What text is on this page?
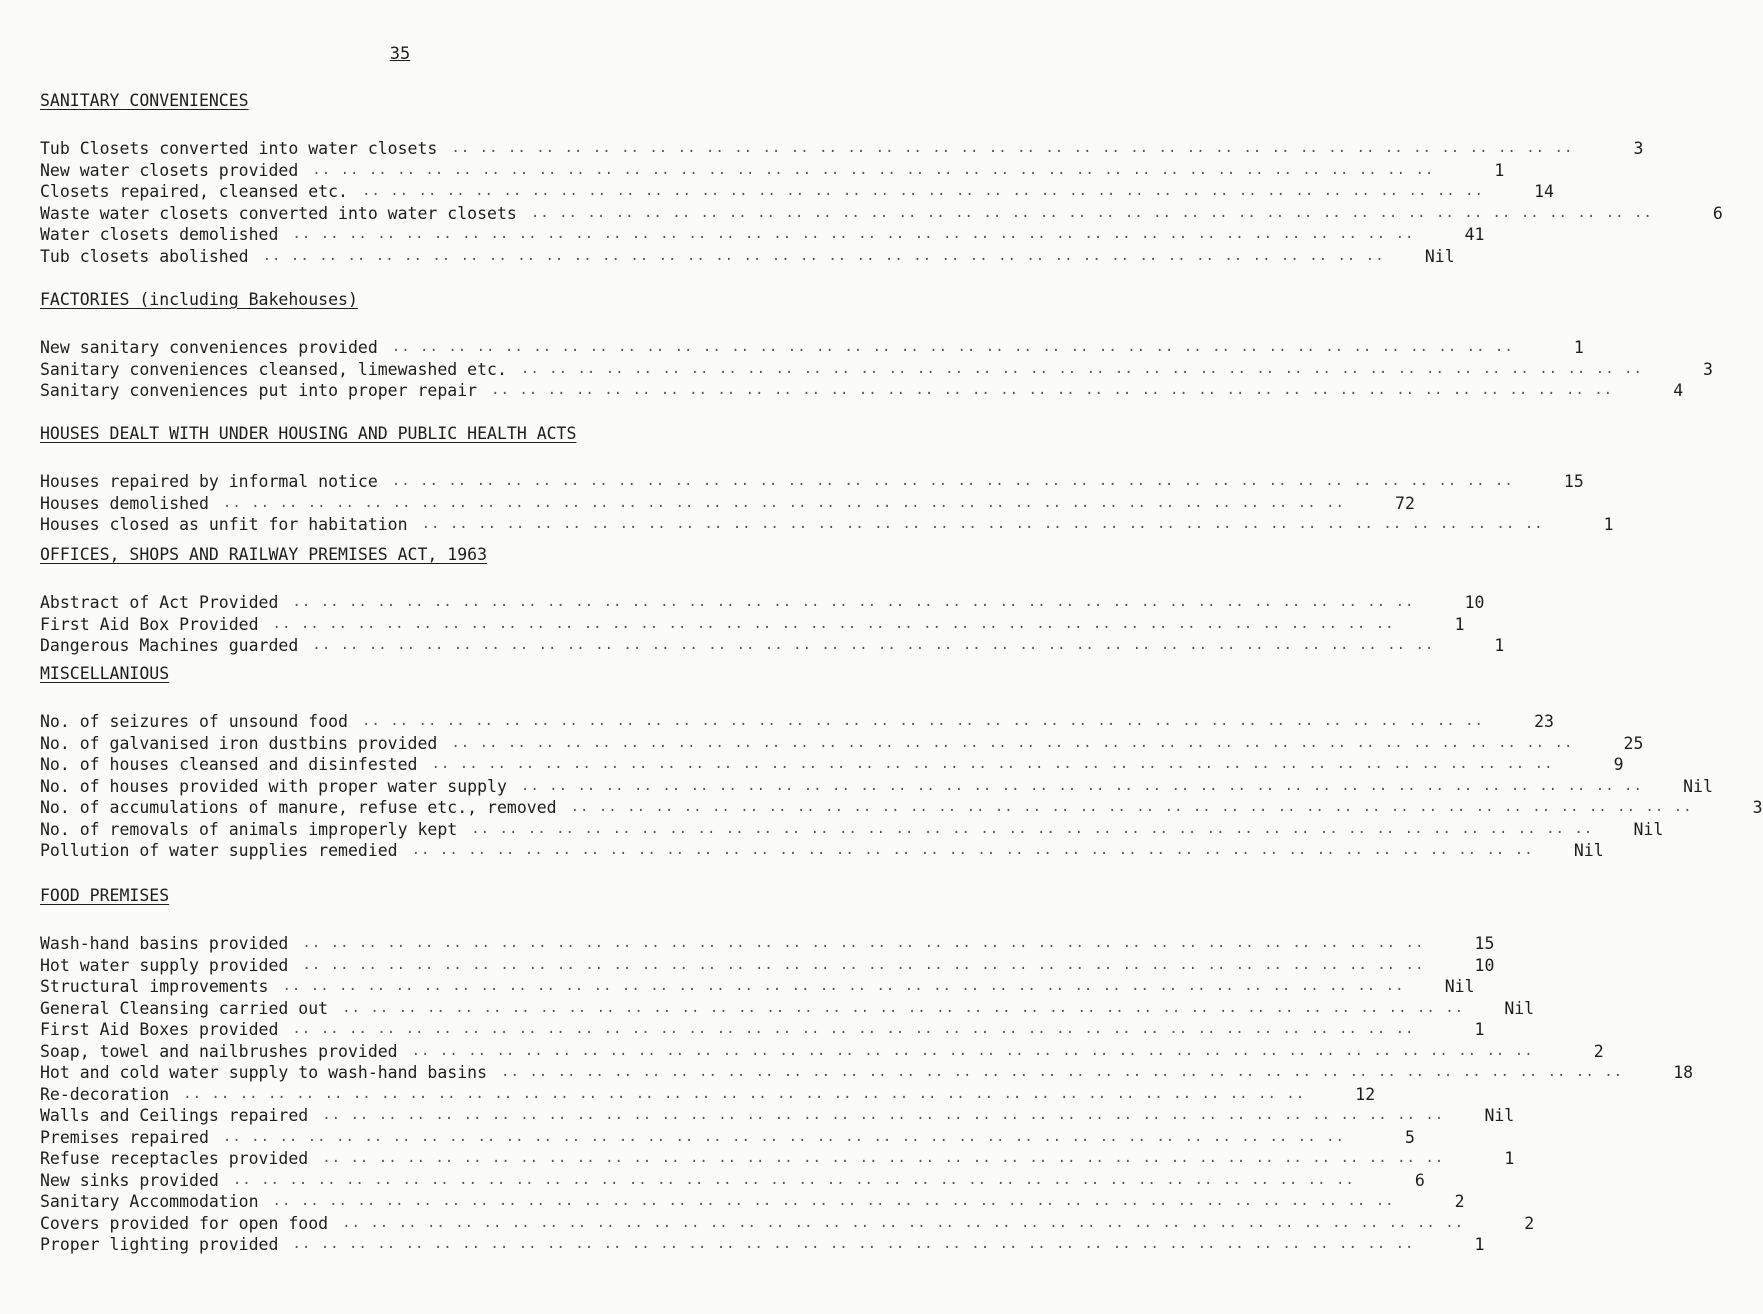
35
SANITARY CONVENIENCES
Tub Closets converted into water closets	.. .. .. .. .. .. .. .. .. .. .. .. .. .. .. .. .. .. .. .. .. .. .. .. .. .. .. .. .. .. .. .. .. .. .. .. .. .. .. ..	3
New water closets provided	.. .. .. .. .. .. .. .. .. .. .. .. .. .. .. .. .. .. .. .. .. .. .. .. .. .. .. .. .. .. .. .. .. .. .. .. .. .. .. ..	1
Closets repaired, cleansed etc.	.. .. .. .. .. .. .. .. .. .. .. .. .. .. .. .. .. .. .. .. .. .. .. .. .. .. .. .. .. .. .. .. .. .. .. .. .. .. .. ..	14
Waste water closets converted into water closets	.. .. .. .. .. .. .. .. .. .. .. .. .. .. .. .. .. .. .. .. .. .. .. .. .. .. .. .. .. .. .. .. .. .. .. .. .. .. .. ..	6
Water closets demolished	.. .. .. .. .. .. .. .. .. .. .. .. .. .. .. .. .. .. .. .. .. .. .. .. .. .. .. .. .. .. .. .. .. .. .. .. .. .. .. ..	41
Tub closets abolished	.. .. .. .. .. .. .. .. .. .. .. .. .. .. .. .. .. .. .. .. .. .. .. .. .. .. .. .. .. .. .. .. .. .. .. .. .. .. .. ..	Nil
FACTORIES (including Bakehouses)
New sanitary conveniences provided	.. .. .. .. .. .. .. .. .. .. .. .. .. .. .. .. .. .. .. .. .. .. .. .. .. .. .. .. .. .. .. .. .. .. .. .. .. .. .. ..	1
Sanitary conveniences cleansed, limewashed etc.	.. .. .. .. .. .. .. .. .. .. .. .. .. .. .. .. .. .. .. .. .. .. .. .. .. .. .. .. .. .. .. .. .. .. .. .. .. .. .. ..	3
Sanitary conveniences put into proper repair	.. .. .. .. .. .. .. .. .. .. .. .. .. .. .. .. .. .. .. .. .. .. .. .. .. .. .. .. .. .. .. .. .. .. .. .. .. .. .. ..	4
HOUSES DEALT WITH UNDER HOUSING AND PUBLIC HEALTH ACTS
Houses repaired by informal notice	.. .. .. .. .. .. .. .. .. .. .. .. .. .. .. .. .. .. .. .. .. .. .. .. .. .. .. .. .. .. .. .. .. .. .. .. .. .. .. ..	15
Houses demolished	.. .. .. .. .. .. .. .. .. .. .. .. .. .. .. .. .. .. .. .. .. .. .. .. .. .. .. .. .. .. .. .. .. .. .. .. .. .. .. ..	72
Houses closed as unfit for habitation	.. .. .. .. .. .. .. .. .. .. .. .. .. .. .. .. .. .. .. .. .. .. .. .. .. .. .. .. .. .. .. .. .. .. .. .. .. .. .. ..	1
OFFICES, SHOPS AND RAILWAY PREMISES ACT, 1963
Abstract of Act Provided	.. .. .. .. .. .. .. .. .. .. .. .. .. .. .. .. .. .. .. .. .. .. .. .. .. .. .. .. .. .. .. .. .. .. .. .. .. .. .. ..	10
First Aid Box Provided	.. .. .. .. .. .. .. .. .. .. .. .. .. .. .. .. .. .. .. .. .. .. .. .. .. .. .. .. .. .. .. .. .. .. .. .. .. .. .. ..	1
Dangerous Machines guarded	.. .. .. .. .. .. .. .. .. .. .. .. .. .. .. .. .. .. .. .. .. .. .. .. .. .. .. .. .. .. .. .. .. .. .. .. .. .. .. ..	1
MISCELLANIOUS
No. of seizures of unsound food	.. .. .. .. .. .. .. .. .. .. .. .. .. .. .. .. .. .. .. .. .. .. .. .. .. .. .. .. .. .. .. .. .. .. .. .. .. .. .. ..	23
No. of galvanised iron dustbins provided	.. .. .. .. .. .. .. .. .. .. .. .. .. .. .. .. .. .. .. .. .. .. .. .. .. .. .. .. .. .. .. .. .. .. .. .. .. .. .. ..	25
No. of houses cleansed and disinfested	.. .. .. .. .. .. .. .. .. .. .. .. .. .. .. .. .. .. .. .. .. .. .. .. .. .. .. .. .. .. .. .. .. .. .. .. .. .. .. ..	9
No. of houses provided with proper water supply	.. .. .. .. .. .. .. .. .. .. .. .. .. .. .. .. .. .. .. .. .. .. .. .. .. .. .. .. .. .. .. .. .. .. .. .. .. .. .. ..	Nil
No. of accumulations of manure, refuse etc., removed	.. .. .. .. .. .. .. .. .. .. .. .. .. .. .. .. .. .. .. .. .. .. .. .. .. .. .. .. .. .. .. .. .. .. .. .. .. .. .. ..	3
No. of removals of animals improperly kept	.. .. .. .. .. .. .. .. .. .. .. .. .. .. .. .. .. .. .. .. .. .. .. .. .. .. .. .. .. .. .. .. .. .. .. .. .. .. .. ..	Nil
Pollution of water supplies remedied	.. .. .. .. .. .. .. .. .. .. .. .. .. .. .. .. .. .. .. .. .. .. .. .. .. .. .. .. .. .. .. .. .. .. .. .. .. .. .. ..	Nil
FOOD PREMISES
Wash-hand basins provided	.. .. .. .. .. .. .. .. .. .. .. .. .. .. .. .. .. .. .. .. .. .. .. .. .. .. .. .. .. .. .. .. .. .. .. .. .. .. .. ..	15
Hot water supply provided	.. .. .. .. .. .. .. .. .. .. .. .. .. .. .. .. .. .. .. .. .. .. .. .. .. .. .. .. .. .. .. .. .. .. .. .. .. .. .. ..	10
Structural improvements	.. .. .. .. .. .. .. .. .. .. .. .. .. .. .. .. .. .. .. .. .. .. .. .. .. .. .. .. .. .. .. .. .. .. .. .. .. .. .. ..	Nil
General Cleansing carried out	.. .. .. .. .. .. .. .. .. .. .. .. .. .. .. .. .. .. .. .. .. .. .. .. .. .. .. .. .. .. .. .. .. .. .. .. .. .. .. ..	Nil
First Aid Boxes provided	.. .. .. .. .. .. .. .. .. .. .. .. .. .. .. .. .. .. .. .. .. .. .. .. .. .. .. .. .. .. .. .. .. .. .. .. .. .. .. ..	1
Soap, towel and nailbrushes provided	.. .. .. .. .. .. .. .. .. .. .. .. .. .. .. .. .. .. .. .. .. .. .. .. .. .. .. .. .. .. .. .. .. .. .. .. .. .. .. ..	2
Hot and cold water supply to wash-hand basins	.. .. .. .. .. .. .. .. .. .. .. .. .. .. .. .. .. .. .. .. .. .. .. .. .. .. .. .. .. .. .. .. .. .. .. .. .. .. .. ..	18
Re-decoration	.. .. .. .. .. .. .. .. .. .. .. .. .. .. .. .. .. .. .. .. .. .. .. .. .. .. .. .. .. .. .. .. .. .. .. .. .. .. .. ..	12
Walls and Ceilings repaired	.. .. .. .. .. .. .. .. .. .. .. .. .. .. .. .. .. .. .. .. .. .. .. .. .. .. .. .. .. .. .. .. .. .. .. .. .. .. .. ..	Nil
Premises repaired	.. .. .. .. .. .. .. .. .. .. .. .. .. .. .. .. .. .. .. .. .. .. .. .. .. .. .. .. .. .. .. .. .. .. .. .. .. .. .. ..	5
Refuse receptacles provided	.. .. .. .. .. .. .. .. .. .. .. .. .. .. .. .. .. .. .. .. .. .. .. .. .. .. .. .. .. .. .. .. .. .. .. .. .. .. .. ..	1
New sinks provided	.. .. .. .. .. .. .. .. .. .. .. .. .. .. .. .. .. .. .. .. .. .. .. .. .. .. .. .. .. .. .. .. .. .. .. .. .. .. .. ..	6
Sanitary Accommodation	.. .. .. .. .. .. .. .. .. .. .. .. .. .. .. .. .. .. .. .. .. .. .. .. .. .. .. .. .. .. .. .. .. .. .. .. .. .. .. ..	2
Covers provided for open food	.. .. .. .. .. .. .. .. .. .. .. .. .. .. .. .. .. .. .. .. .. .. .. .. .. .. .. .. .. .. .. .. .. .. .. .. .. .. .. ..	2
Proper lighting provided	.. .. .. .. .. .. .. .. .. .. .. .. .. .. .. .. .. .. .. .. .. .. .. .. .. .. .. .. .. .. .. .. .. .. .. .. .. .. .. ..	1
